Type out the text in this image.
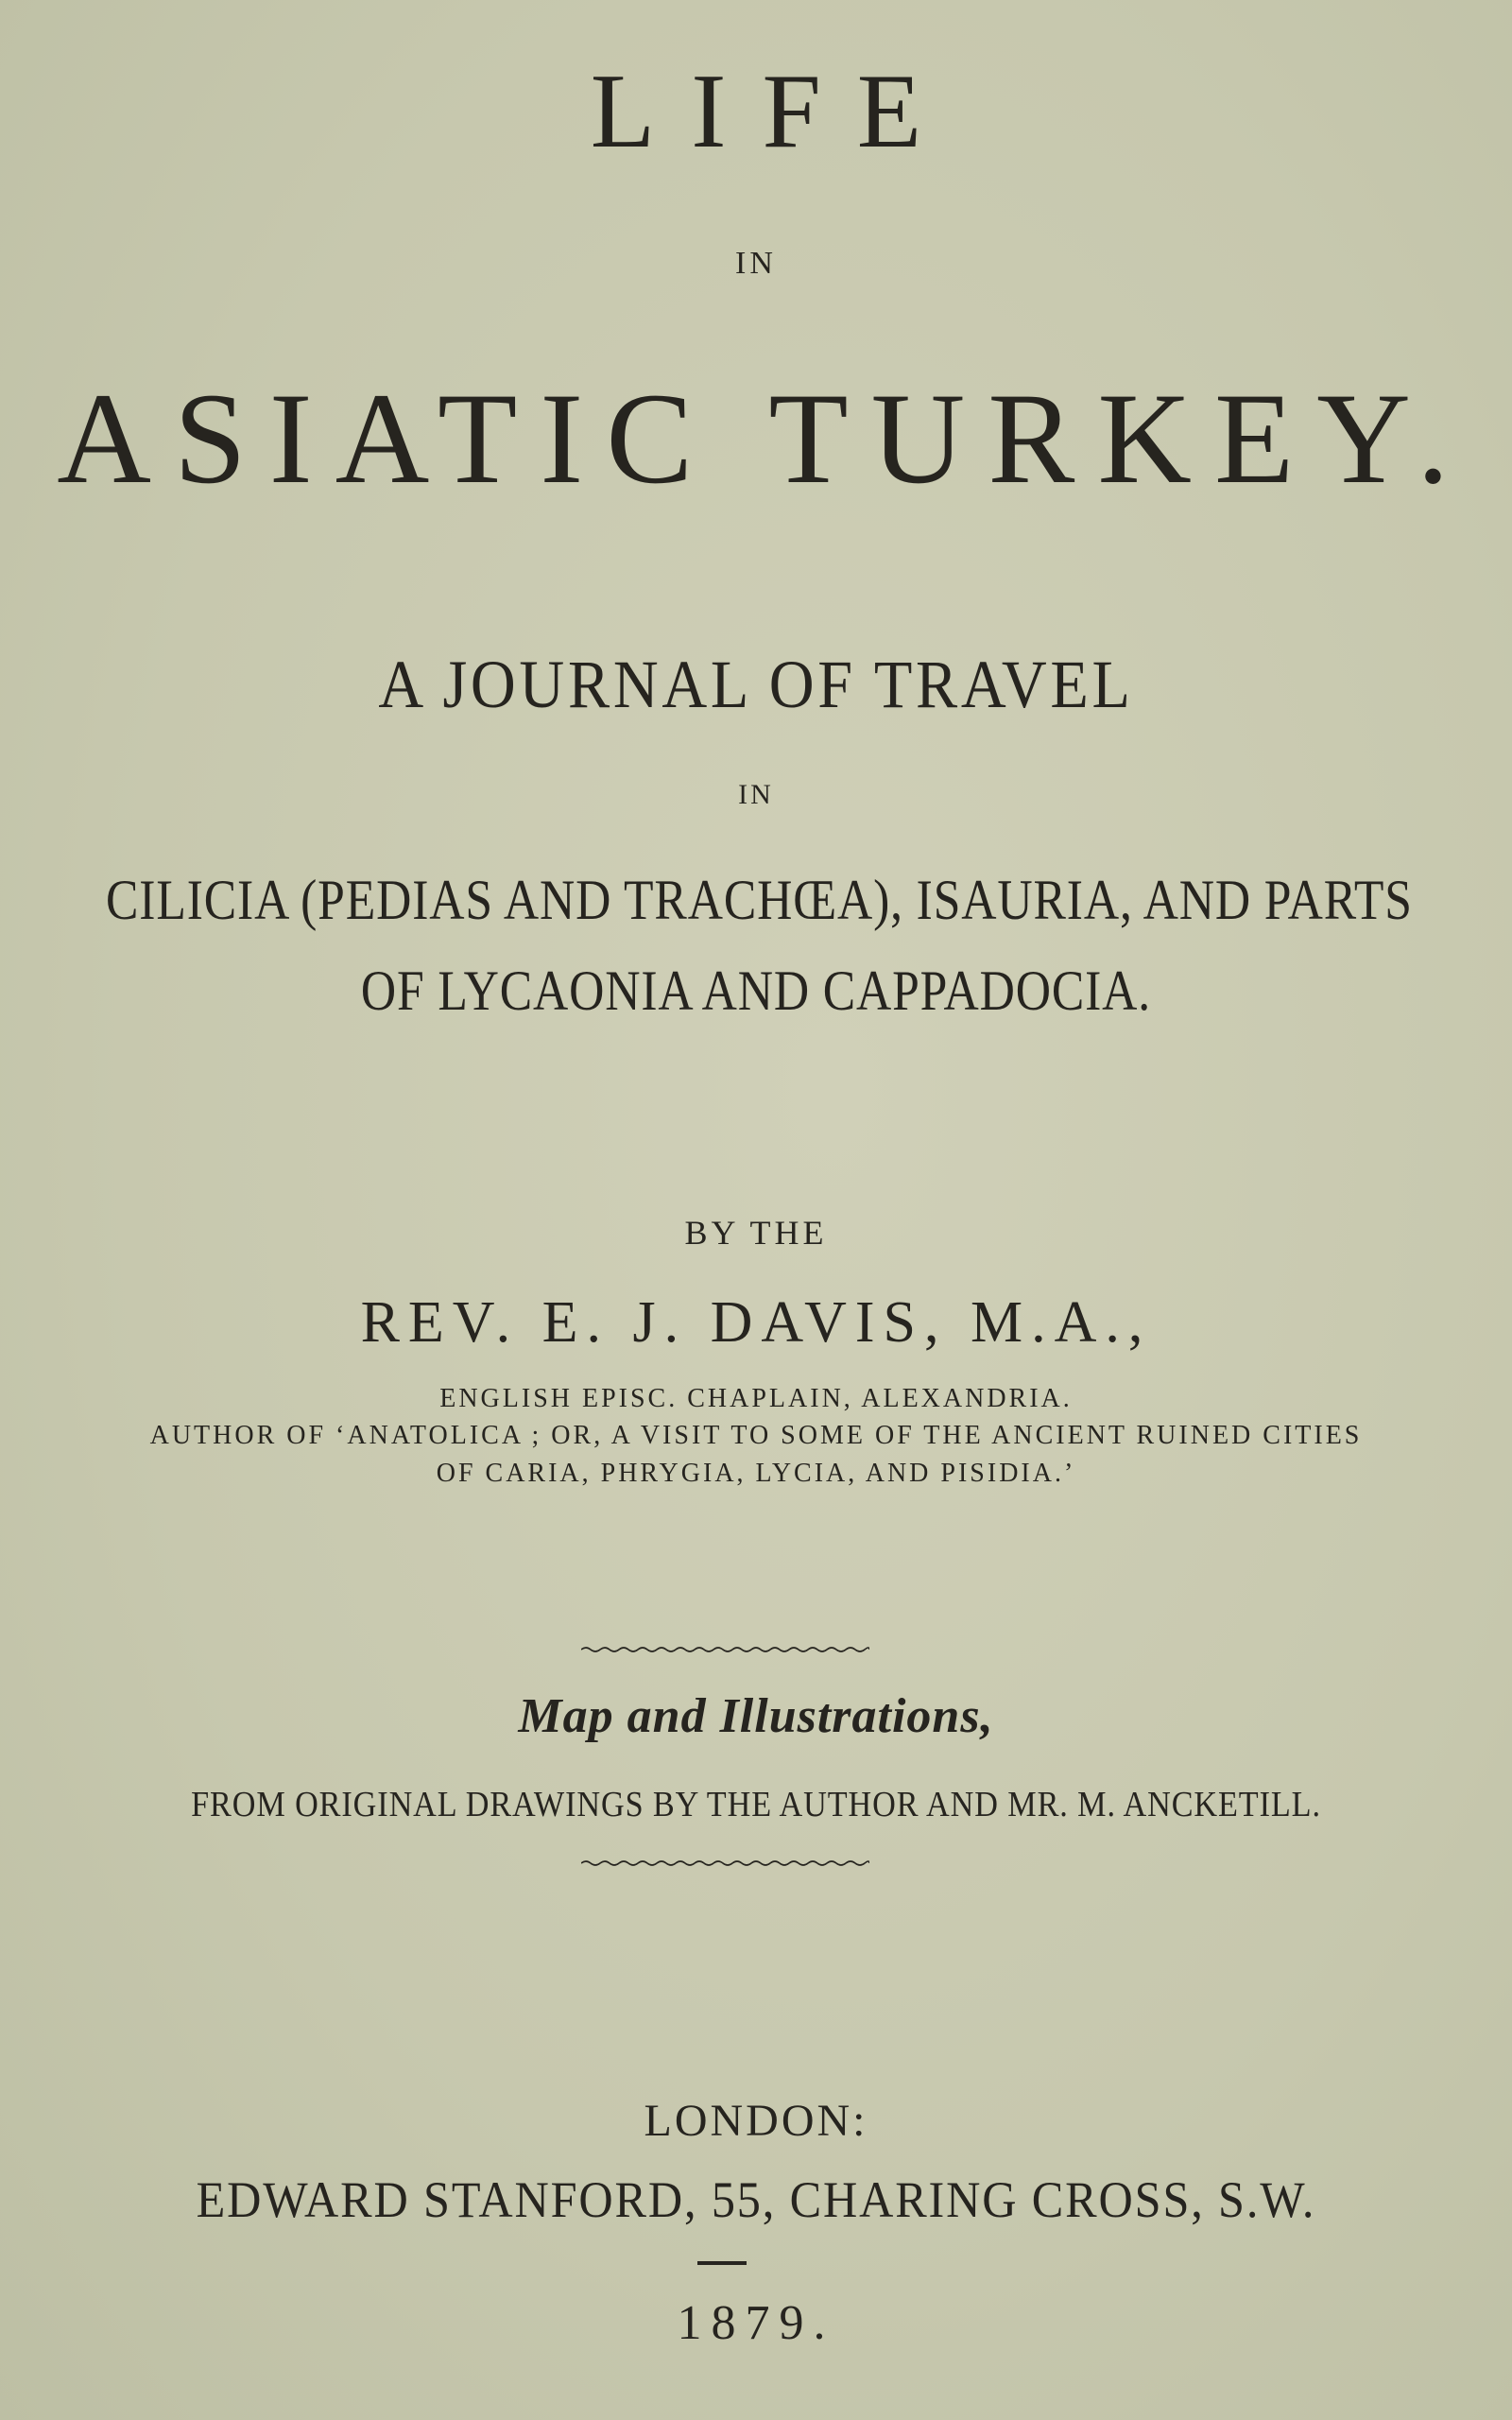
LIFE
IN
ASIATIC TURKEY.
A JOURNAL OF TRAVEL
IN
CILICIA (PEDIAS AND TRACHŒA), ISAURIA, AND PARTS
OF LYCAONIA AND CAPPADOCIA.
BY THE
REV. E. J. DAVIS, M.A.,
ENGLISH EPISC. CHAPLAIN, ALEXANDRIA.
AUTHOR OF ‘ANATOLICA ; OR, A VISIT TO SOME OF THE ANCIENT RUINED CITIES
OF CARIA, PHRYGIA, LYCIA, AND PISIDIA.’
Map and Illustrations,
FROM ORIGINAL DRAWINGS BY THE AUTHOR AND MR. M. ANCKETILL.
LONDON:
EDWARD STANFORD, 55, CHARING CROSS, S.W.
1879.
